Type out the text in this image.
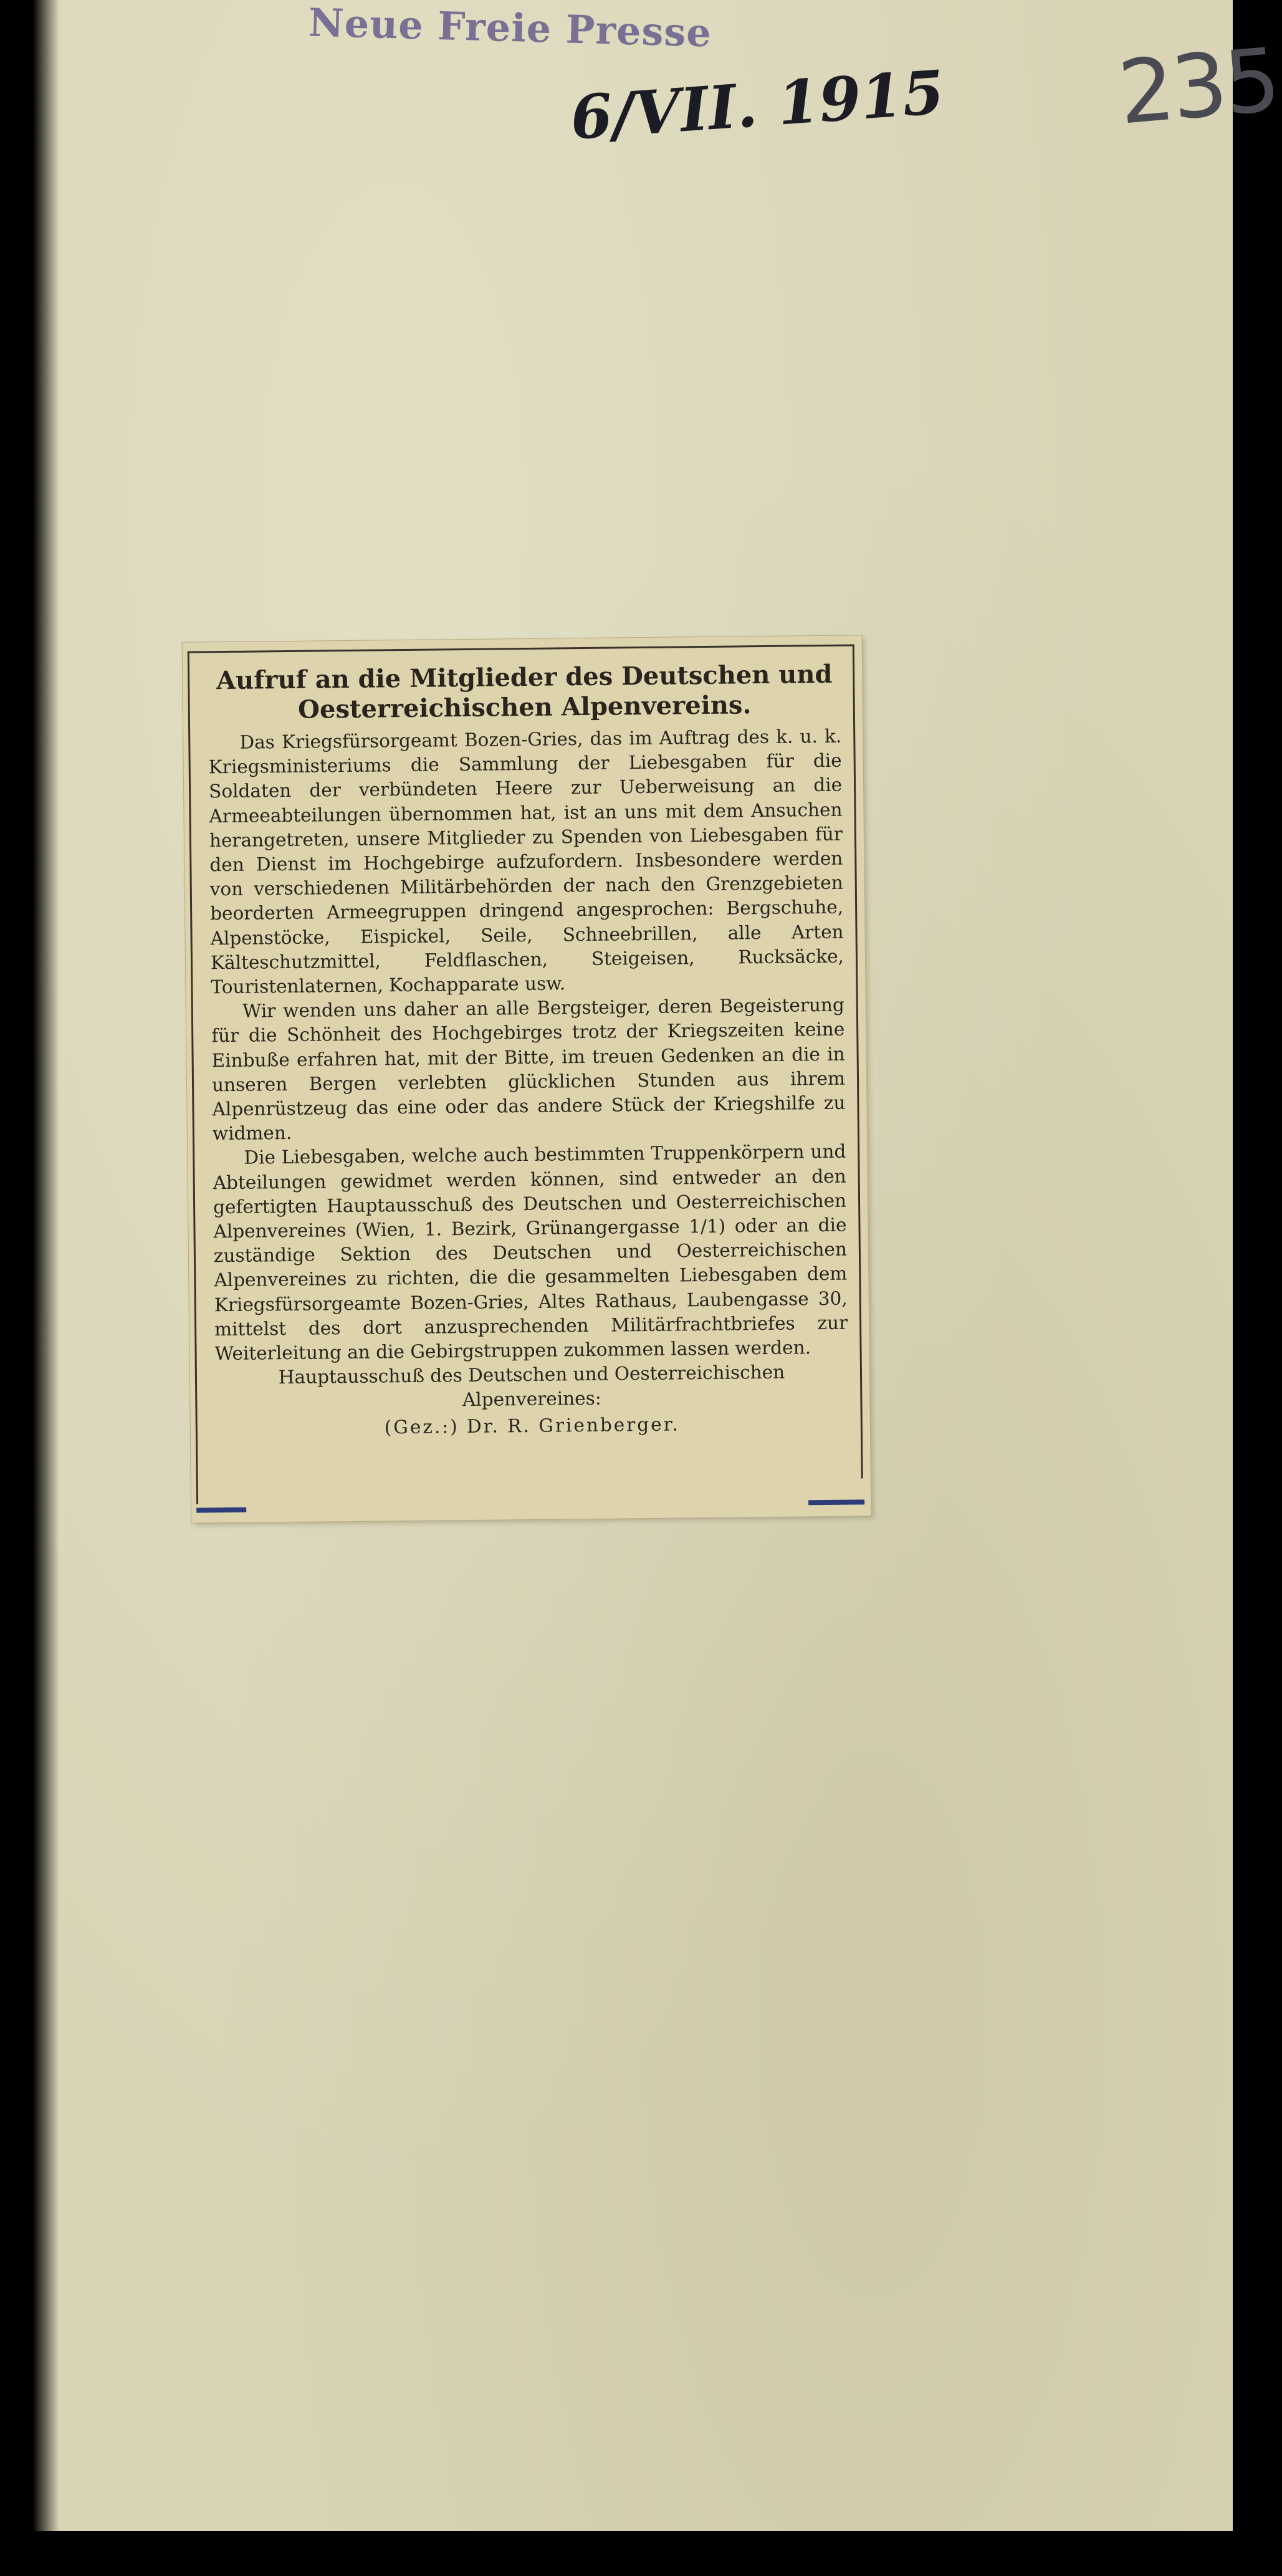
Neue Freie Presse
6/VII. 1915 235
Aufruf an die Mitglieder des Deutschen und Oesterreichischen Alpenvereins.

Das Kriegsfürsorgeamt Bozen-Gries, das im Auftrag des k. u. k. Kriegsministeriums die Sammlung der Liebesgaben für die Soldaten der verbündeten Heere zur Ueberweisung an die Armeeabteilungen übernommen hat, ist an uns mit dem Ansuchen herangetreten, unsere Mitglieder zu Spenden von Liebesgaben für den Dienst im Hochgebirge aufzufordern. Insbesondere werden von verschiedenen Militärbehörden der nach den Grenzgebieten beorderten Armeegruppen dringend angesprochen: Bergschuhe, Alpenstöcke, Eispickel, Seile, Schneebrillen, alle Arten Kälteschutzmittel, Feldflaschen, Steigeisen, Rucksäcke, Touristenlaternen, Kochapparate usw.

Wir wenden uns daher an alle Bergsteiger, deren Begeisterung für die Schönheit des Hochgebirges trotz der Kriegszeiten keine Einbuße erfahren hat, mit der Bitte, im treuen Gedenken an die in unseren Bergen verlebten glücklichen Stunden aus ihrem Alpenrüstzeug das eine oder das andere Stück der Kriegshilfe zu widmen.

Die Liebesgaben, welche auch bestimmten Truppenkörpern und Abteilungen gewidmet werden können, sind entweder an den gefertigten Hauptausschuß des Deutschen und Oesterreichischen Alpenvereines (Wien, 1. Bezirk, Grünangergasse 1/1) oder an die zuständige Sektion des Deutschen und Oesterreichischen Alpenvereines zu richten, die die gesammelten Liebesgaben dem Kriegsfürsorgeamte Bozen-Gries, Altes Rathaus, Laubengasse 30, mittelst des dort anzusprechenden Militärfrachtbriefes zur Weiterleitung an die Gebirgstruppen zukommen lassen werden.

Hauptausschuß des Deutschen und Oesterreichischen Alpenvereines:
(Gez.:) Dr. R. Grienberger.
